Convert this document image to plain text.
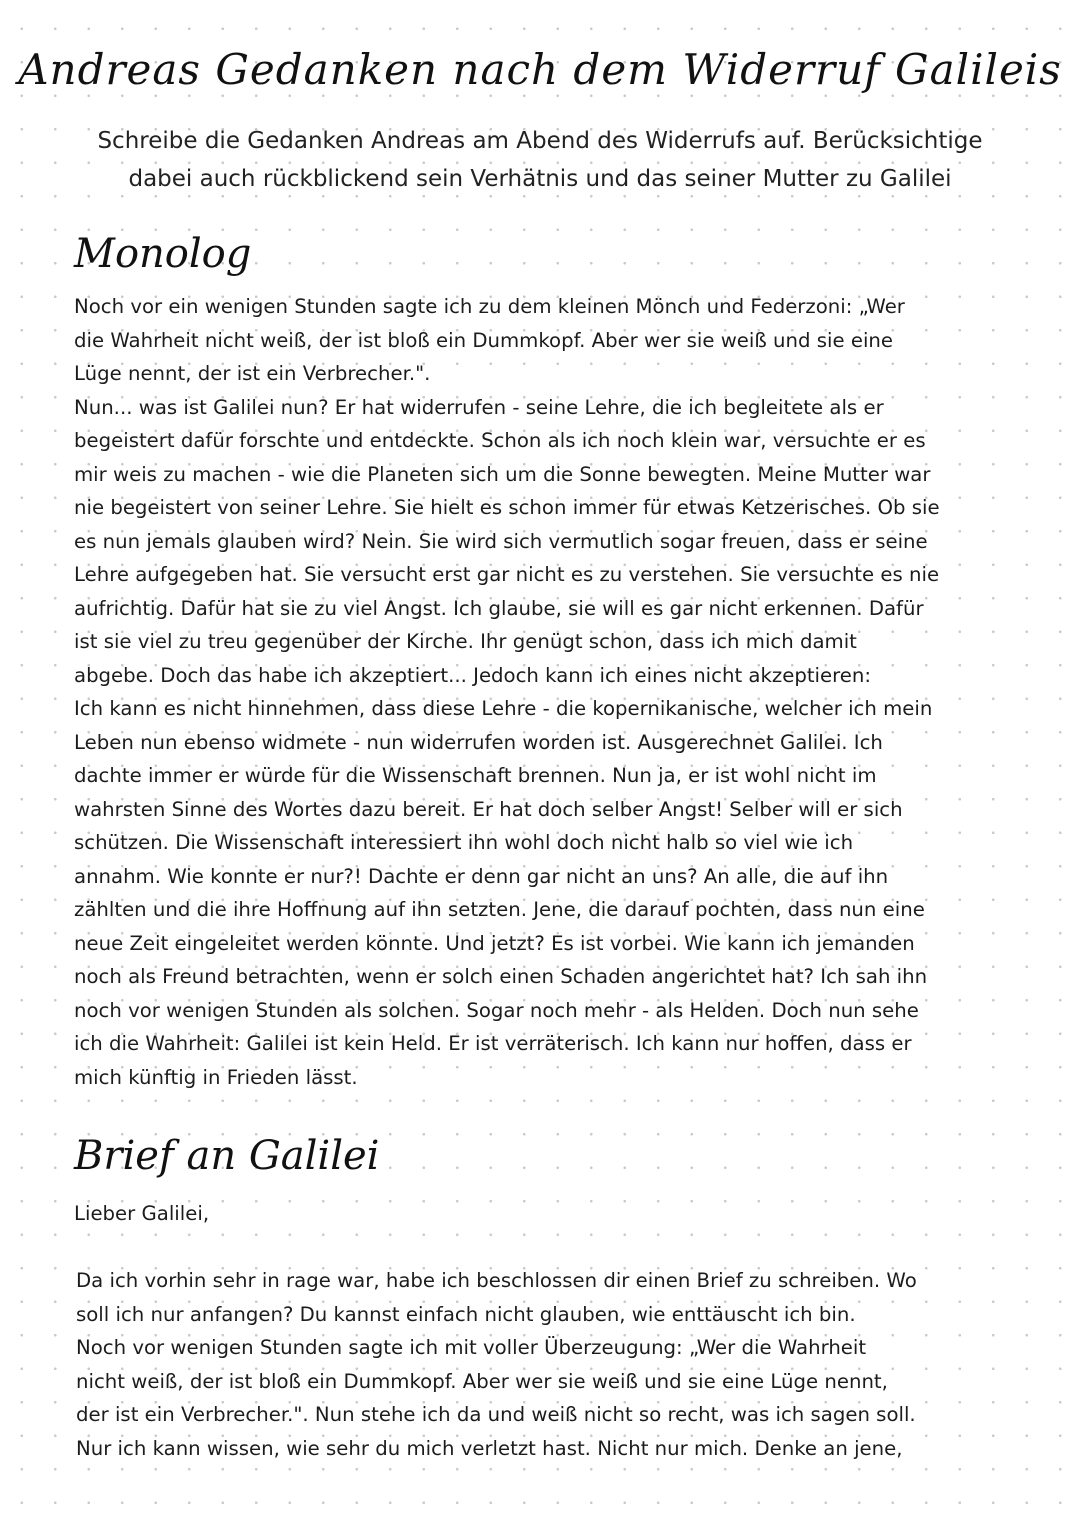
Andreas Gedanken nach dem Widerruf Galileis
Schreibe die Gedanken Andreas am Abend des Widerrufs auf. Berücksichtige
dabei auch rückblickend sein Verhätnis und das seiner Mutter zu Galilei
Monolog
Noch vor ein wenigen Stunden sagte ich zu dem kleinen Mönch und Federzoni: „Wer
die Wahrheit nicht weiß, der ist bloß ein Dummkopf. Aber wer sie weiß und sie eine
Lüge nennt, der ist ein Verbrecher.".
Nun... was ist Galilei nun? Er hat widerrufen - seine Lehre, die ich begleitete als er
begeistert dafür forschte und entdeckte. Schon als ich noch klein war, versuchte er es
mir weis zu machen - wie die Planeten sich um die Sonne bewegten. Meine Mutter war
nie begeistert von seiner Lehre. Sie hielt es schon immer für etwas Ketzerisches. Ob sie
es nun jemals glauben wird? Nein. Sie wird sich vermutlich sogar freuen, dass er seine
Lehre aufgegeben hat. Sie versucht erst gar nicht es zu verstehen. Sie versuchte es nie
aufrichtig. Dafür hat sie zu viel Angst. Ich glaube, sie will es gar nicht erkennen. Dafür
ist sie viel zu treu gegenüber der Kirche. Ihr genügt schon, dass ich mich damit
abgebe. Doch das habe ich akzeptiert... Jedoch kann ich eines nicht akzeptieren:
Ich kann es nicht hinnehmen, dass diese Lehre - die kopernikanische, welcher ich mein
Leben nun ebenso widmete - nun widerrufen worden ist. Ausgerechnet Galilei. Ich
dachte immer er würde für die Wissenschaft brennen. Nun ja, er ist wohl nicht im
wahrsten Sinne des Wortes dazu bereit. Er hat doch selber Angst! Selber will er sich
schützen. Die Wissenschaft interessiert ihn wohl doch nicht halb so viel wie ich
annahm. Wie konnte er nur?! Dachte er denn gar nicht an uns? An alle, die auf ihn
zählten und die ihre Hoffnung auf ihn setzten. Jene, die darauf pochten, dass nun eine
neue Zeit eingeleitet werden könnte. Und jetzt? Es ist vorbei. Wie kann ich jemanden
noch als Freund betrachten, wenn er solch einen Schaden angerichtet hat? Ich sah ihn
noch vor wenigen Stunden als solchen. Sogar noch mehr - als Helden. Doch nun sehe
ich die Wahrheit: Galilei ist kein Held. Er ist verräterisch. Ich kann nur hoffen, dass er
mich künftig in Frieden lässt.
Brief an Galilei
Lieber Galilei,
Da ich vorhin sehr in rage war, habe ich beschlossen dir einen Brief zu schreiben. Wo
soll ich nur anfangen? Du kannst einfach nicht glauben, wie enttäuscht ich bin.
Noch vor wenigen Stunden sagte ich mit voller Überzeugung: „Wer die Wahrheit
nicht weiß, der ist bloß ein Dummkopf. Aber wer sie weiß und sie eine Lüge nennt,
der ist ein Verbrecher.". Nun stehe ich da und weiß nicht so recht, was ich sagen soll.
Nur ich kann wissen, wie sehr du mich verletzt hast. Nicht nur mich. Denke an jene,
